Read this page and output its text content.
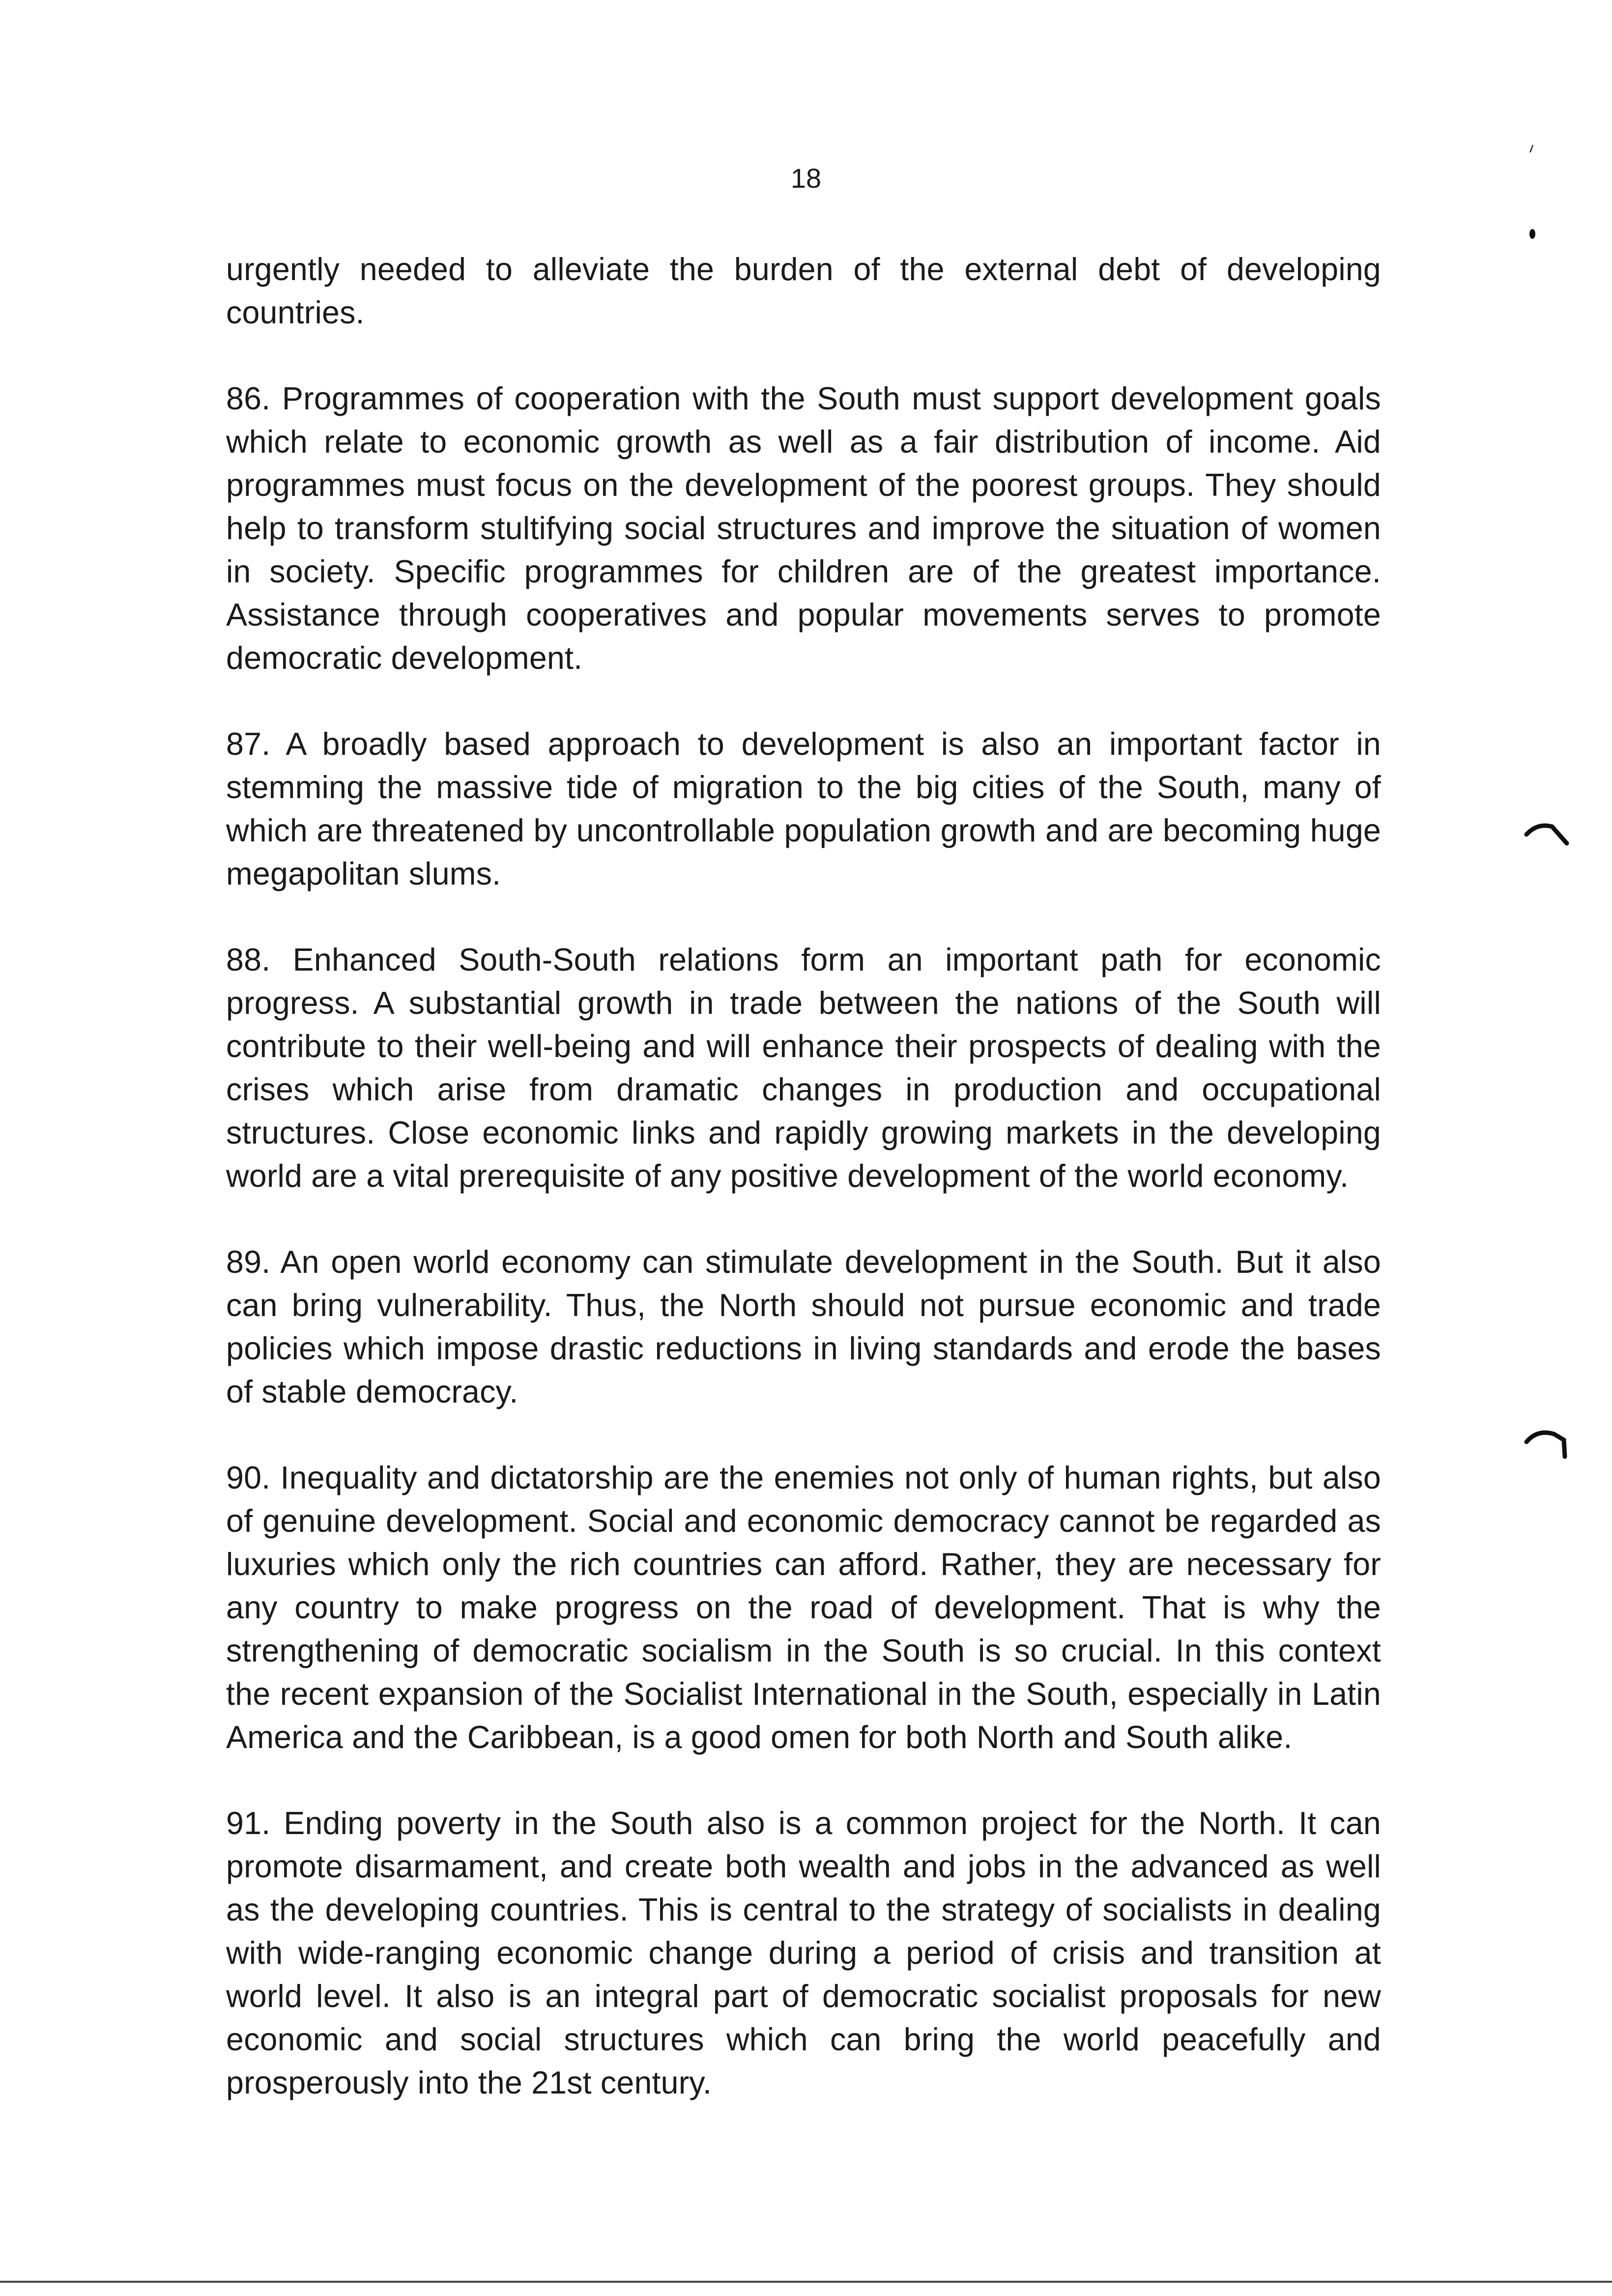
18

urgently needed to alleviate the burden of the external debt of developing countries.

86. Programmes of cooperation with the South must support development goals which relate to economic growth as well as a fair distribution of income. Aid programmes must focus on the development of the poorest groups. They should help to transform stultifying social structures and improve the situation of women in society. Specific programmes for children are of the greatest importance. Assistance through cooperatives and popular movements serves to promote democratic development.

87. A broadly based approach to development is also an important factor in stemming the massive tide of migration to the big cities of the South, many of which are threatened by uncontrollable population growth and are becoming huge megapolitan slums.

88. Enhanced South-South relations form an important path for economic progress. A substantial growth in trade between the nations of the South will contribute to their well-being and will enhance their prospects of dealing with the crises which arise from dramatic changes in production and occupational structures. Close economic links and rapidly growing markets in the developing world are a vital prerequisite of any positive development of the world economy.

89. An open world economy can stimulate development in the South. But it also can bring vulnerability. Thus, the North should not pursue economic and trade policies which impose drastic reductions in living standards and erode the bases of stable democracy.

90. Inequality and dictatorship are the enemies not only of human rights, but also of genuine development. Social and economic democracy cannot be regarded as luxuries which only the rich countries can afford. Rather, they are necessary for any country to make progress on the road of development. That is why the strengthening of democratic socialism in the South is so crucial. In this context the recent expansion of the Socialist International in the South, especially in Latin America and the Caribbean, is a good omen for both North and South alike.

91. Ending poverty in the South also is a common project for the North. It can promote disarmament, and create both wealth and jobs in the advanced as well as the developing countries. This is central to the strategy of socialists in dealing with wide-ranging economic change during a period of crisis and transition at world level. It also is an integral part of democratic socialist proposals for new economic and social structures which can bring the world peacefully and prosperously into the 21st century.
